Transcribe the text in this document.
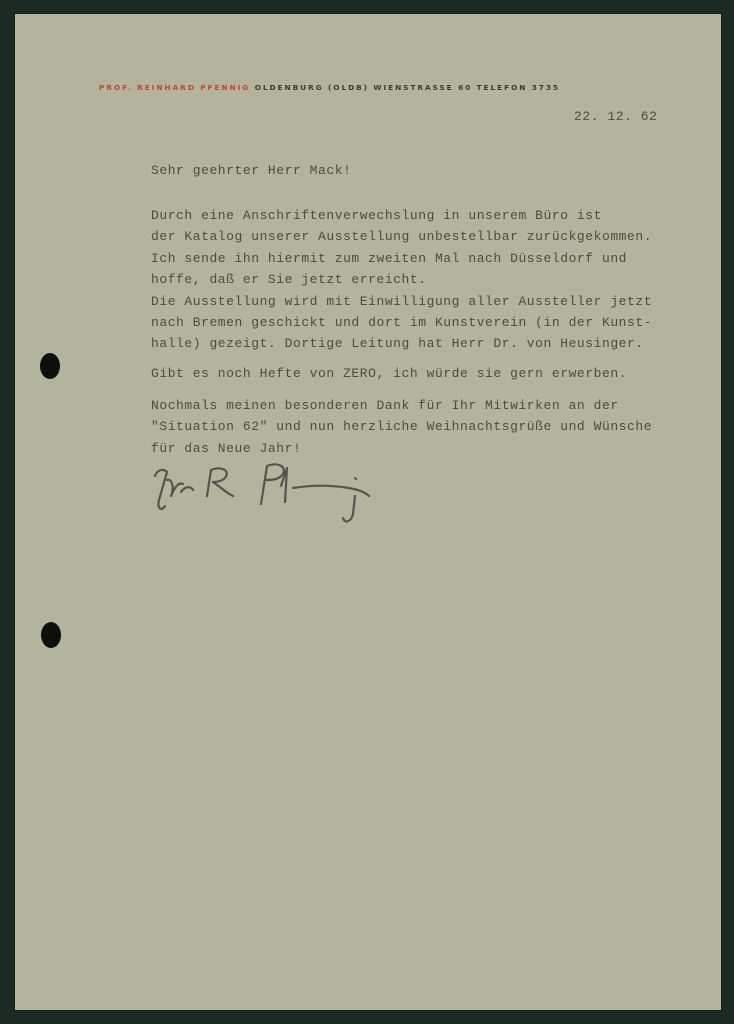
PROF. REINHARD PFENNIG OLDENBURG (OLDB) WIENSTRASSE 60 TELEFON 3735
22. 12. 62
Sehr geehrter Herr Mack!
Durch eine Anschriftenverwechslung in unserem Büro ist
der Katalog unserer Ausstellung unbestellbar zurückgekommen.
Ich sende ihn hiermit zum zweiten Mal nach Düsseldorf und
hoffe, daß er Sie jetzt erreicht.
Die Ausstellung wird mit Einwilligung aller Aussteller jetzt
nach Bremen geschickt und dort im Kunstverein (in der Kunst-
halle) gezeigt. Dortige Leitung hat Herr Dr. von Heusinger.
Gibt es noch Hefte von ZERO, ich würde sie gern erwerben.
Nochmals meinen besonderen Dank für Ihr Mitwirken an der
"Situation 62" und nun herzliche Weihnachtsgrüße und Wünsche
für das Neue Jahr!
